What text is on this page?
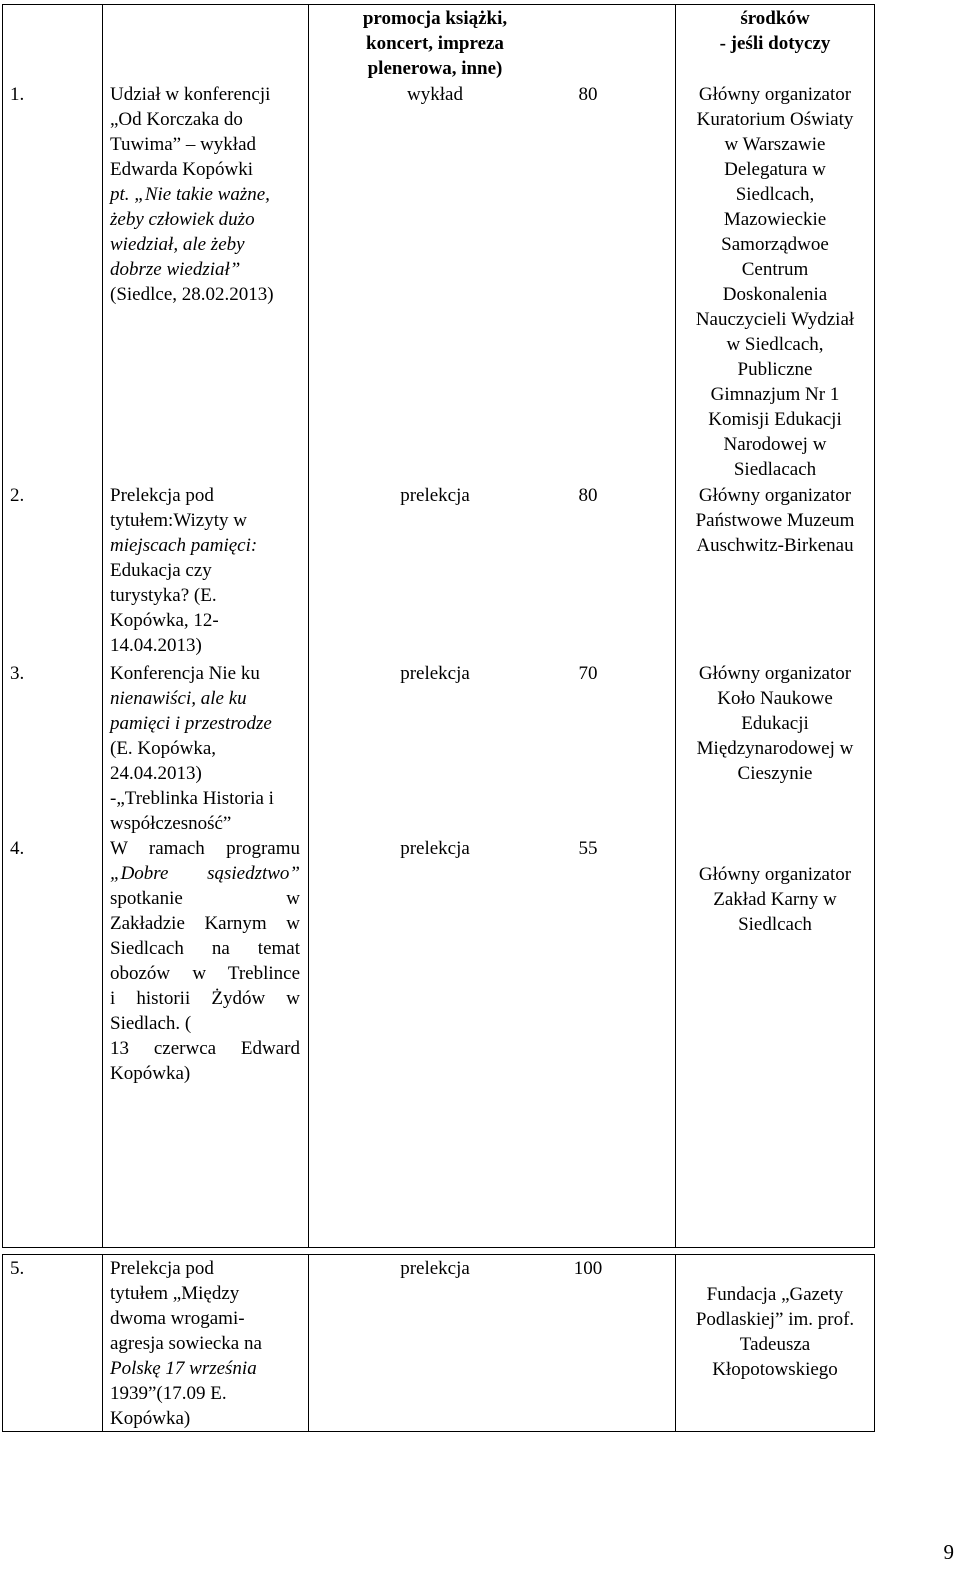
promocja książki,
koncert, impreza
plenerowa, inne)
środków
- jeśli dotyczy
1.	Udział w konferencji
„Od Korczaka do
Tuwima” – wykład
Edwarda Kopówki
pt. „Nie takie ważne,
żeby człowiek dużo
wiedział, ale żeby
dobrze wiedział”
(Siedlce, 28.02.2013)
wykład	80	Główny organizator
Kuratorium Oświaty
w Warszawie
Delegatura w
Siedlcach,
Mazowieckie
Samorządwoe
Centrum
Doskonalenia
Nauczycieli Wydział
w Siedlcach,
Publiczne
Gimnazjum Nr 1
Komisji Edukacji
Narodowej w
Siedlacach
2.	Prelekcja pod
tytułem:Wizyty w
miejscach pamięci:
Edukacja czy
turystyka? (E.
Kopówka, 12-
14.04.2013)
prelekcja	80	Główny organizator
Państwowe Muzeum
Auschwitz-Birkenau
3.	Konferencja Nie ku
nienawiści, ale ku
pamięci i przestrodze
(E. Kopówka,
24.04.2013)
-„Treblinka Historia i
współczesność”
prelekcja	70	Główny organizator
Koło Naukowe
Edukacji
Międzynarodowej w
Cieszynie
4.	W ramach programu
„Dobre sąsiedztwo”
spotkanie w
Zakładzie Karnym w
Siedlcach na temat
obozów w Treblince
i historii Żydów w
Siedlach. (
13 czerwca Edward
Kopówka)
prelekcja	55
Główny organizator
Zakład Karny w
Siedlcach
5.	Prelekcja pod
tytułem „Między
dwoma wrogami-
agresja sowiecka na
Polskę 17 września
1939”(17.09 E.
Kopówka)
prelekcja	100
Fundacja „Gazety
Podlaskiej” im. prof.
Tadeusza
Kłopotowskiego
9
